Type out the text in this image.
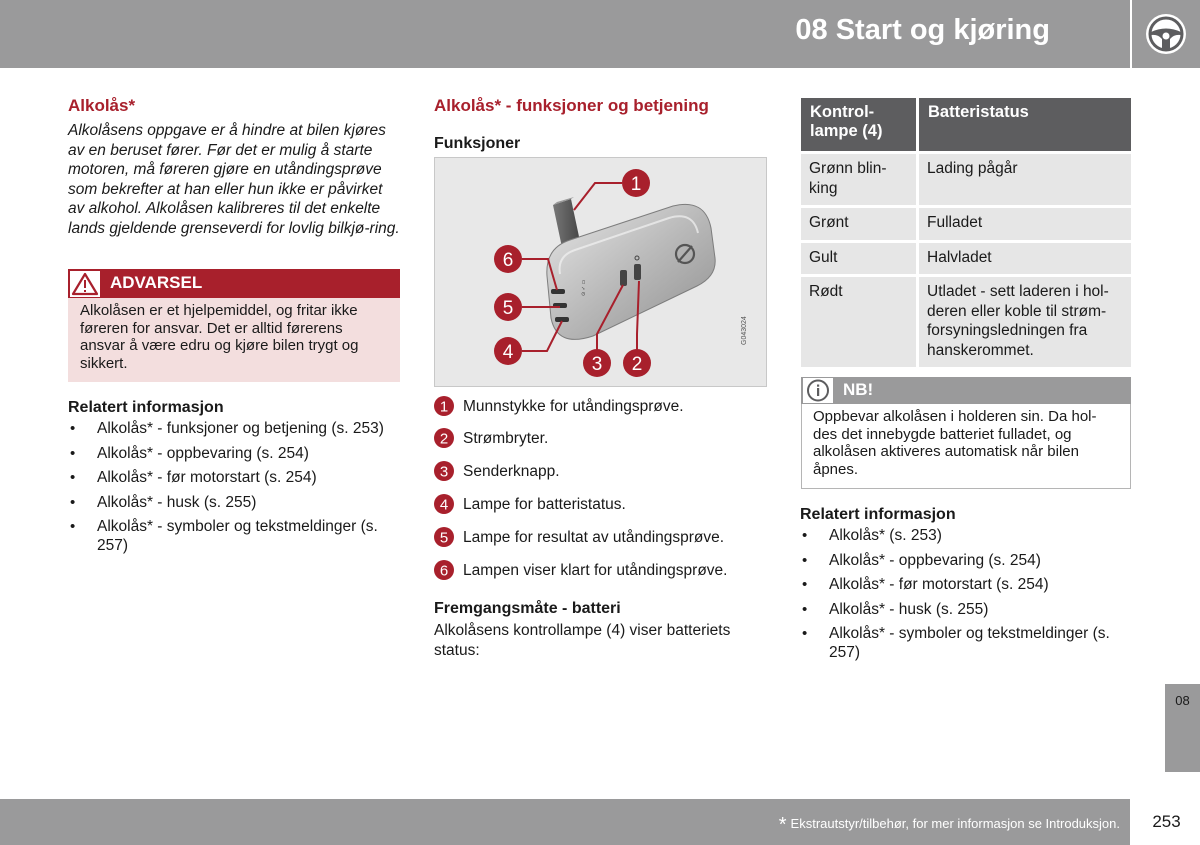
08 Start og kjøring
Alkolås*
Alkolåsens oppgave er å hindre at bilen kjøres av en beruset fører. Før det er mulig å starte motoren, må føreren gjøre en utåndingsprøve som bekrefter at han eller hun ikke er påvirket av alkohol. Alkolåsen kalibreres til det enkelte lands gjeldende grenseverdi for lovlig bilkjø-ring.
ADVARSEL
Alkolåsen er et hjelpemiddel, og fritar ikke føreren for ansvar. Det er alltid førerens ansvar å være edru og kjøre bilen trygt og sikkert.
Relatert informasjon
• Alkolås* - funksjoner og betjening (s. 253)
• Alkolås* - oppbevaring (s. 254)
• Alkolås* - før motorstart (s. 254)
• Alkolås* - husk (s. 255)
• Alkolås* - symboler og tekstmeldinger (s. 257)
Alkolås* - funksjoner og betjening
Funksjoner
⊙ ✓ ▭
1
6
5
4
3 2
G043024
1 Munnstykke for utåndingsprøve.
2 Strømbryter.
3 Senderknapp.
4 Lampe for batteristatus.
5 Lampe for resultat av utåndingsprøve.
6 Lampen viser klart for utåndingsprøve.
Fremgangsmåte - batteri
Alkolåsens kontrollampe (4) viser batteriets status:
Kontrol-lampe (4)	Batteristatus
Grønn blin-king	Lading pågår
Grønt	Fulladet
Gult	Halvladet
Rødt	Utladet - sett laderen i hol-deren eller koble til strøm-forsyningsledningen fra hanskerommet.
NB!
Oppbevar alkolåsen i holderen sin. Da hol-des det innebygde batteriet fulladet, og alkolåsen aktiveres automatisk når bilen åpnes.
Relatert informasjon
• Alkolås* (s. 253)
• Alkolås* - oppbevaring (s. 254)
• Alkolås* - før motorstart (s. 254)
• Alkolås* - husk (s. 255)
• Alkolås* - symboler og tekstmeldinger (s. 257)
08
* Ekstrautstyr/tilbehør, for mer informasjon se Introduksjon.	253
